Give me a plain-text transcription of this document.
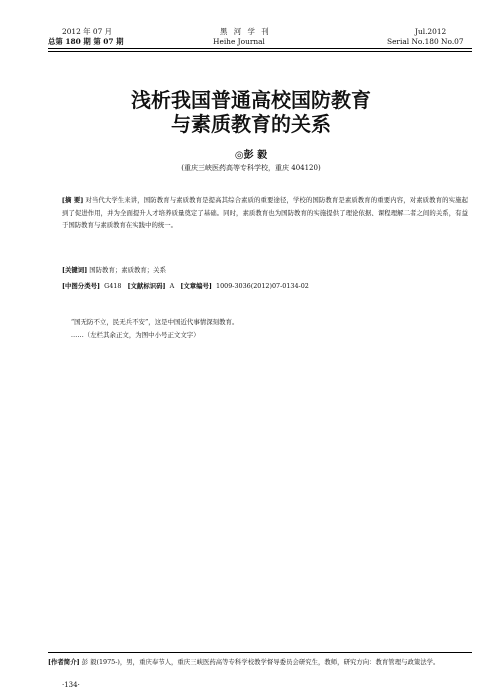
2012 年 07 月
总第 180 期 第 07 期
黑 河 学 刊
Heihe Journal
Jul.2012
Serial No.180 No.07
浅析我国普通高校国防教育
与素质教育的关系
◎彭 毅
(重庆三峡医药高等专科学校，重庆 404120)
[摘 要] 对当代大学生来讲，国防教育与素质教育是提高其综合素质的重要途径，学校的国防教育是素质教育的重要内容，对素质教育的实施起到了促进作用，并为全面提升人才培养质量奠定了基础。同时，素质教育也为国防教育的实施提供了理论依据、课程理解二者之间的关系，有益于国防教育与素质教育在实践中的统一。
[关键词] 国防教育；素质教育；关系
[中图分类号] G418 [文献标识码] A [文章编号] 1009-3036(2012)07-0134-02

“国无防不立，民无兵不安”，这是中国近代事情深刻教育。

……（左栏其余正文，为图中小号正文文字）

[作者简介] 彭 毅(1975-)，男，重庆奉节人，重庆三峡医药高等专科学校教学督导委员会研究生，教师，研究方向：教育管理与政策法学。
·134·
